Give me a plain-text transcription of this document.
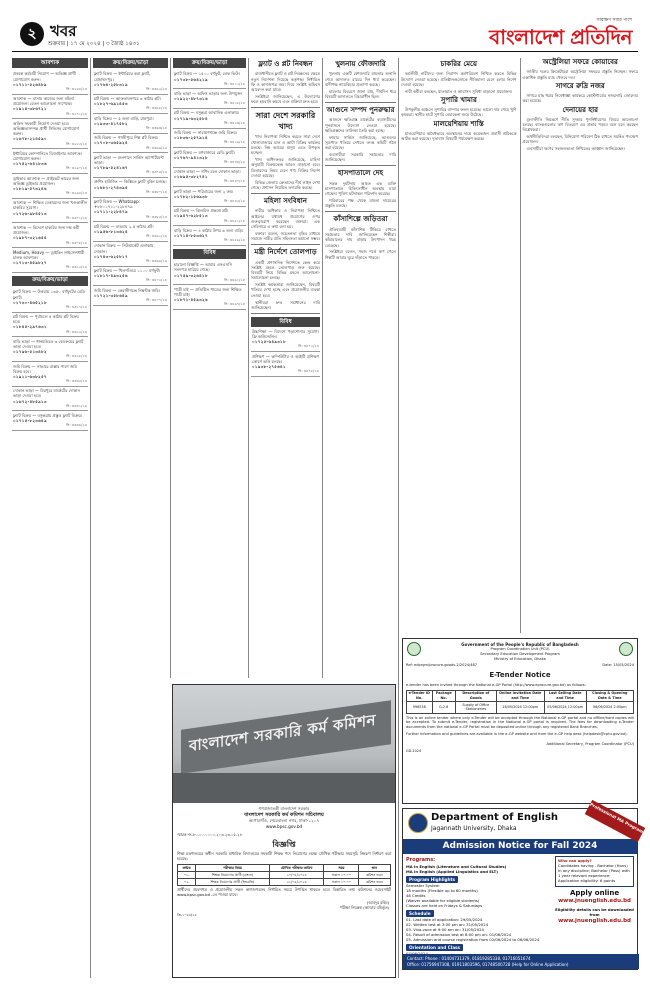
২ খবর
শুক্রবার | ১৭ মে ২০২৪ | ৩ জ্যৈষ্ঠ ১৪৩১
সারাক্ষণ সবার পাশে
বাংলাদেশ প্রতিদিন
আবশ্যক
প্রকল্পে কর্মচারী নিয়োগ — অভিজ্ঞ প্রার্থী যোগাযোগ করুন।
০১৭১১-৫২৬৪৮৯
সি: ৩২৬৪/২৪
আবশ্যক — বাসায় কাজের জন্য মহিলা প্রয়োজন। বেতন আলোচনা সাপেক্ষে।
০১৯১৪-৩৮৬৭২১
সি: ৩২৭১/২৪
অফিস সহকারী নিয়োগ দেওয়া হবে। অভিজ্ঞতাসম্পন্ন প্রার্থী সিভিসহ যোগাযোগ করুন।
০১৬৭৮-২১৪৫৯০
সি: ৩২৮৫/২৪
ইন্টারিয়র কোম্পানিতে ডিজাইনার আবশ্যক। যোগাযোগ করুন।
০১৭৫২-৬৪১৮৩৬
সি: ৩২৯০/২৪
ড্রাইভার আবশ্যক — প্রাইভেট কারের জন্য অভিজ্ঞ ড্রাইভার প্রয়োজন।
০১৮১৯-৫৭৩২৪৬
সি: ৩২৯৪/২৪
আবশ্যক — শিক্ষিত বেকারদের জন্য খণ্ডকালীন চাকরির সুযোগ।
০১৭২৬-৯৮৪৫১৩
সি: ৩৩০১/২৪
আবশ্যক — বিদেশে চাকরির জন্য দক্ষ কর্মী প্রয়োজন।
০১৯৮৭-৩২১৬৫৪
সি: ৩৩০৮/২৪
Medium, Heavy — ড্রাইভিং লাইসেন্সধারী চালক আবশ্যক।
০১৭১৩-৪৫৯৮২৭
সি: ৩৩১২/২৪
ক্রয়/বিক্রয়/ভাড়া
ফ্ল্যাট বিক্রয় — উত্তরায় ১৩৫০ বর্গফুটের রেডি ফ্ল্যাট।
০১৭৩০-৪৬৫২১৮
সি: ৩৩১৭/২৪
প্লট বিক্রয় — পূর্বাচলে ৫ কাঠার প্লট বিক্রয় হবে।
০১৮৪৫-২৯৭৬৩১
সি: ৩৩২২/২৪
বাড়ি ভাড়া — ধানমন্ডিতে ৩ বেডরুমের ফ্ল্যাট ভাড়া দেওয়া হবে।
০১৭৯৬-৫১৩৪৮২
সি: ৩৩২৮/২৪
জমি বিক্রয় — সাভারে রাস্তার পাশে জমি বিক্রয় হবে।
০১৯১১-৬৩৮২৫৭
সি: ৩৩৩৫/২৪
দোকান ভাড়া — মিরপুরে মার্কেটের দোকান ভাড়া দেওয়া হবে।
০১৬৭২-৪৮৫৯১৩
সি: ৩৩৪১/২৪
ফ্ল্যাট বিক্রয় — বসুন্ধরায় প্রস্তুত ফ্ল্যাট বিক্রয়।
০১৭১৫-৮২৩৬৪৯
সি: ৩৩৪৬/২৪
ক্রয়/বিক্রয়/ভাড়া
ফ্ল্যাট বিক্রয় — ইন্টারিয়র করা ফ্ল্যাট, মোহাম্মদপুর।
০১৭৬৪-২৫৮৩১৯
সি: ৩৩৫২/২৪
প্লট বিক্রয় — আফতাবনগরে ৩ কাঠার প্লট।
০১৮২৭-৬৯১৪৫৩
সি: ৩৩৫৮/২৪
বাড়ি বিক্রয় — ৫ তলা বাড়ি, রামপুরা।
০১৯৩৩-৪১৭৫৮২
সি: ৩৩৬৩/২৪
জমি বিক্রয় — গাজীপুরে শিল্প প্লট বিক্রয়।
০১৭০৮-৩৬৫৯২৪
সি: ৩৩৬৯/২৪
ফ্ল্যাট ভাড়া — গুলশানে সার্ভিস অ্যাপার্টমেন্ট ভাড়া।
০১৭৮৯-৫২৪১৬৭
সি: ৩৩৭৪/২৪
গ্রুপিং হাউজিং — কিস্তিতে ফ্ল্যাট বুকিং চলছে।
০১৬৮১-২৭৪৩৯৫
সি: ৩৩৮০/২৪
ফ্ল্যাট বিক্রয় — Whatsapp: +৮৮০১৭১১-২২৮৪৭৯
০১৭১১-২২৮৪৭৯
সি: ৩৩৮৫/২৪
প্লট বিক্রয় — বাড্ডায় ২.৫ কাঠার প্লট।
০১৯৫৬-৮১৩৬২৪
সি: ৩৩৯১/২৪
দোকান বিক্রয় — নিউমার্কেট এলাকায় দোকান।
০১৭৪৩-৬২৫৮১৭
সি: ৩৩৯৬/২৪
ফ্ল্যাট বিক্রয় — খিলগাঁওয়ে ১১০০ বর্গফুট।
০১৮১৭-৪৯৩২৫৬
সি: ৩৪০২/২৪
জমি বিক্রয় — কেরানীগঞ্জে নিষ্কণ্টক জমি।
০১৭২১-৩৫৮৬৪৯
সি: ৩৪০৭/২৪
ক্রয়/বিক্রয়/ভাড়া
ফ্ল্যাট বিক্রয় — ১৫০০ বর্গফুট, লেক ভিউ।
০১৭৩৮-৫৬৪২১৯
সি: ৩৪১২/২৪
বাড়ি ভাড়া — অফিস ভাড়ার জন্য উপযুক্ত।
০১৯২২-৪৮৭৩১৬
সি: ৩৪১৮/২৪
প্লট বিক্রয় — বসুন্ধরা আবাসিক এলাকায়।
০১৭১৯-৬৩২৫৮৪
সি: ৩৪২৩/২৪
জমি বিক্রয় — নারায়ণগঞ্জে জমি বিক্রয়।
০১৮৩৬-২৫৭৯১৪
সি: ৩৪২৯/২৪
ফ্ল্যাট বিক্রয় — মগবাজারে রেডি ফ্ল্যাট।
০১৭৬৭-৯৪১৩২৮
সি: ৩৪৩৪/২৪
দোকান ভাড়া — শপিং মলে দোকান ভাড়া।
০১৬৯৫-৩৮২৭৪১
সি: ৩৪৪০/২৪
ফ্ল্যাট ভাড়া — পরিবারের জন্য ২ রুম।
০১৭৮২-১৫৬৯৩৮
সি: ৩৪৪৫/২৪
প্লট বিক্রয় — ঝিলমিল প্রকল্পে প্লট।
০১৯৪৭-৬২৮৫১৩
সি: ৩৪৫১/২৪
বাড়ি বিক্রয় — ৪ কাঠার উপর ৬ তলা বাড়ি।
০১৭১৪-৮৫৩৬২৭
সি: ৩৪৫৬/২৪
বিবিধ
হারানো বিজ্ঞপ্তি — আমার এসএসসি সনদপত্র হারিয়ে গেছে।
০১৭৫৯-৩২৬৪১৮
সি: ৩৪৬১/২৪
পাত্রী চাই — প্রতিষ্ঠিত পাত্রের জন্য শিক্ষিত পাত্রী চাই।
০১৮৭১-৪৫৯৩২৬
সি: ৩৪৬৭/২৪
ফ্ল্যাট ও প্লট নিবন্ধন

রাজধানীতে ফ্ল্যাট ও প্লট নিবন্ধনের ক্ষেত্রে নতুন নির্দেশনা দিয়েছে কর্তৃপক্ষ। নির্ধারিত ফি ও কাগজপত্র জমা দিয়ে সংশ্লিষ্ট অফিসে আবেদন করা যাবে।

সংশ্লিষ্টরা জানিয়েছেন, এ উদ্যোগের ফলে হয়রানি কমবে এবং প্রক্রিয়া দ্রুত হবে।

সারা দেশে সরকারি খাদ্য

খাদ্য নিরাপত্তা নিশ্চিত করতে সারা দেশে খোলাবাজারে চাল ও আটা বিক্রির কার্যক্রম চলছে। নিম্ন আয়ের মানুষ এতে উপকৃত হচ্ছেন।

খাদ্য অধিদফতর জানিয়েছে, চাহিদা অনুযায়ী বিক্রয়কেন্দ্র আরও বাড়ানো হবে। ডিলারদের নিয়ম মেনে পণ্য বিক্রির নির্দেশ দেওয়া হয়েছে।

বিভিন্ন জেলায় ক্রেতাদের দীর্ঘ লাইন দেখা গেছে। প্রশাসন নিয়মিত তদারকি করছে।

মহিলা সংবিধান

নারীর অধিকার ও নিরাপত্তা নিশ্চিতে আইনের যথাযথ প্রয়োগের ওপর গুরুত্বারোপ করেছেন বক্তারা। এক সেমিনারে এ কথা বলা হয়।

বক্তারা বলেন, সচেতনতা বৃদ্ধির মাধ্যমে সমাজে নারীর প্রতি সহিংসতা কমানো সম্ভব।

মন্ত্রী নির্দেশে তোলপাড়

একটি প্রশাসনিক নির্দেশকে কেন্দ্র করে সংশ্লিষ্ট মহলে তোলপাড় শুরু হয়েছে। বিষয়টি নিয়ে বিভিন্ন মহলে আলোচনা-সমালোচনা চলছে।

সংশ্লিষ্ট কর্মকর্তারা জানিয়েছেন, বিষয়টি খতিয়ে দেখা হচ্ছে এবং প্রয়োজনীয় ব্যবস্থা নেওয়া হবে।

স্থানীয়রা দ্রুত সমাধানের দাবি জানিয়েছেন।

বিবিধ
উচ্চশিক্ষা — বিদেশে পড়াশোনার সুযোগ। ফ্রি কাউন্সেলিং।
০১৭২৫-৬৪৯৩১৮
সি: ৩৪৭২/২৪
প্রশিক্ষণ — কম্পিউটার ও আইটি প্রশিক্ষণ কোর্সে ভর্তি চলছে।
০১৯৩৮-২৭৫৬৪১
সি: ৩৪৭৮/২৪
খুলনায় ফৌজদারি

খুলনায় একটি ফৌজদারি মামলার শুনানি শেষে আদালত রায়ের দিন ধার্য করেছেন। বাদীপক্ষ ন্যায়বিচার প্রত্যাশা করছে।

মামলার বিবরণে জানা যায়, দীর্ঘদিন ধরে বিষয়টি আদালতে বিচারাধীন ছিল।

আগুনে সম্পদ পুনরুদ্ধার

আগুনে ক্ষতিগ্রস্ত মার্কেটের ব্যবসায়ীদের পুনর্বাসনে উদ্যোগ নেওয়া হয়েছে। ক্ষতিগ্রস্তদের তালিকা তৈরি করা হচ্ছে।

ফায়ার সার্ভিস জানিয়েছে, আগুনের সূত্রপাত খতিয়ে দেখতে তদন্ত কমিটি গঠন করা হয়েছে।

ব্যবসায়ীরা সরকারি সহায়তার দাবি জানিয়েছেন।

হাসপাতালে দেহ

সড়ক দুর্ঘটনায় আহত এক ব্যক্তি হাসপাতালে চিকিৎসাধীন অবস্থায় মারা গেছেন। পুলিশ ঘটনাস্থল পরিদর্শন করেছে।

পরিবারের পক্ষ থেকে মামলা দায়েরের প্রস্তুতি চলছে।

কাঁসাশিল্পে জড়িতরা

ঐতিহ্যবাহী কাঁসাশিল্প টিকিয়ে রাখতে সহায়তার দাবি জানিয়েছেন শিল্পীরা। কাঁচামালের দাম বাড়ায় উৎপাদন খরচ বেড়েছে।

সংশ্লিষ্টরা বলেন, সহজ শর্তে ঋণ পেলে শিল্পটি আবার ঘুরে দাঁড়াতে পারবে।

চাকরির মেয়ে

কর্মজীবী নারীদের জন্য নিরাপদ কর্মপরিবেশ নিশ্চিত করতে বিভিন্ন উদ্যোগ নেওয়া হয়েছে। প্রতিষ্ঠানগুলোকে নীতিমালা মেনে চলার নির্দেশ দেওয়া হয়েছে।

নারী কর্মীরা বলছেন, যাতায়াত ও আবাসন সুবিধা বাড়ানো প্রয়োজন।

সুপারি খামার

উপকূলীয় অঞ্চলে সুপারির বাম্পার ফলন হয়েছে। ভালো দাম পেয়ে খুশি কৃষকরা। স্থানীয় হাটে সুপারি বেচাকেনা জমে উঠেছে।

মালয়েশিয়ায় শাস্তি

মালয়েশিয়ায় অবৈধভাবে অবস্থানের দায়ে কয়েকজন প্রবাসী শ্রমিককে আটক করা হয়েছে। দূতাবাস বিষয়টি পর্যবেক্ষণ করছে।

অস্ট্রেলিয়া সফরে কোয়াবের

জাতীয় দলের ক্রিকেটাররা অস্ট্রেলিয়া সফরের প্রস্তুতি নিচ্ছেন। সফরে একাধিক প্রস্তুতি ম্যাচ খেলবে দল।

সাগরে রুদ্রি নজর

সাগরে মাছ ধরার নিষেধাজ্ঞা কার্যকরে কোস্টগার্ডের নজরদারি জোরদার করা হয়েছে।

দেনায়ের হার

মূল্যস্ফীতি নিয়ন্ত্রণে নীতি সুদহার পুনর্নির্ধারণের বিষয়ে আলোচনা চলছে। ব্যাংকগুলোর ঋণ বিতরণে এর প্রভাব পড়বে বলে মনে করছেন বিশ্লেষকরা।

অর্থনীতিবিদরা বলছেন, বিনিয়োগ পরিবেশ ঠিক রাখতে সমন্বিত পদক্ষেপ প্রয়োজন।

ব্যবসায়ীরা ঋণের সহজলভ্যতা নিশ্চিতের আহ্বান জানিয়েছেন।

Government of the People's Republic of Bangladesh
Program Coordination Unit (PCU)
Secondary Education Development Program
Ministry of Education, Dhaka
Ref: edprgm/procure-goods-2/2024/487	Date: 15/05/2024
E-Tender Notice
e-tender has been invited through the National e-GP Portal (http://www.eprocure.gov.bd) as follows:
e-Tender ID No.	Package No.	Description of Goods	Online Invitation Date and Time	Last Selling Date and Time	Closing & Opening Date & Time
998538	G-2.8	Supply of Office Stationeries	16/05/2024 12:00pm	05/06/2024 12:00pm	06/06/2024 2:00pm
This is an online tender where only e-Tender will be accepted through the National e-GP portal and no offline/hard copies will be accepted. To submit e-Tender, registration in the National e-GP portal is required. The fees for downloading e-Tender documents from the national e-GP Portal must be deposited online through any registered Bank Branches.
Further information and guidelines are available in the e-GP website and from the e-GP help desk (helpdesk@cptu.gov.bd).
Additional Secretary, Program Coordinator (PCU)
GD-1024
Department of English
Jagannath University, Dhaka	Professional MA Program
Admission Notice for Fall 2024
Programs:
MA in English (Literature and Cultural Studies)
MA in English (Applied Linguistics and ELT)
Program Highlights
Semester System
18 months (Flexible up to 60 months)
48 Credits
(Waiver available for eligible students)
Classes are held on Fridays & Saturdays
Schedule
01. Last date of application: 29/05/2024
02. Written test at 3:00 pm on: 31/05/2024
03. Viva-voce at 9:00 am on: 31/05/2024
04. Result of admission test at 8:00 pm on: 01/06/2024
05. Admission and course registration from 02/06/2024 to 06/06/2024
Orientation and Class
Who can apply?
Candidates having - Bachelor (Hons) in any discipline; Bachelor (Pass) with 1 year relevant experience; Application eligibility: 6 points
Apply online
www.jnuenglish.edu.bd
Eligibility details can be downloaded from
www.jnuenglish.edu.bd
Contact: Phone : 01404731379, 01819285338, 01716051674
Office: 01756947308, 01911803596, 01748500728 (Help for Online Application)
বাংলাদেশ সরকারি কর্ম কমিশন
গণপ্রজাতন্ত্রী বাংলাদেশ সরকার
বাংলাদেশ সরকারি কর্ম কমিশন সচিবালয়
আগারগাঁও, শেরেবাংলা নগর, ঢাকা-১২০৭
www.bpsc.gov.bd
স্মারক নং-৮০.০০.০০০০.২০৩.২৩.০৫.২৪
বিজ্ঞপ্তি
শিক্ষা মন্ত্রণালয়ের অধীন সরকারি মাধ্যমিক বিদ্যালয়ের সহকারী শিক্ষক পদে নিয়োগের লক্ষ্যে মৌখিক পরীক্ষার সময়সূচি নিম্নরূপ নির্ধারণ করা হয়েছে:
ক্রমিক	পরীক্ষার বিষয়	মৌখিক পরীক্ষার তারিখ	সময়	স্থান
০১.	শিক্ষক নিয়োগের প্রার্থী (বাংলা)	২০/০৫/২০২৪	সকাল ১০:০০	কমিশন ভবন
০২.	শিক্ষক নিয়োগের প্রার্থী (ইংরেজি)	২১/০৫/২০২৪	সকাল ১০:০০	কমিশন ভবন
প্রার্থীদের প্রবেশপত্র ও প্রয়োজনীয় সকল কাগজপত্রসহ নির্ধারিত সময়ে উপস্থিত থাকতে হবে। বিস্তারিত তথ্য কমিশনের ওয়েবসাইট www.bpsc.gov.bd -তে পাওয়া যাবে।
(আবদুর রহিম)
পরীক্ষা নিয়ন্ত্রক (ক্যাডার বহির্ভূত)
জি-১০৫৪/২৪
